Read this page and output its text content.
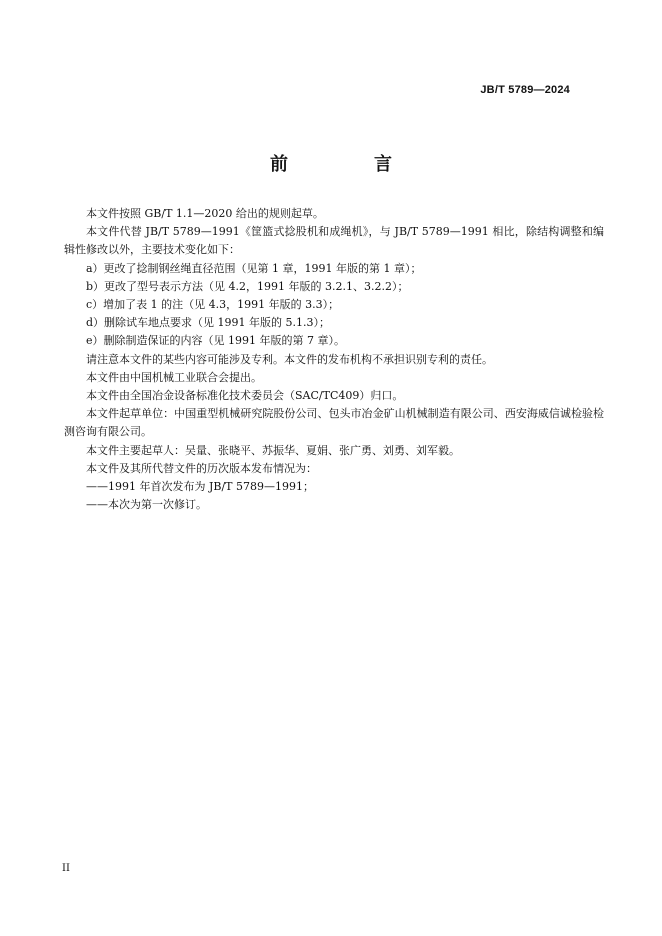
JB/T 5789—2024
前　言

本文件按照 GB/T 1.1—2020 给出的规则起草。

本文件代替 JB/T 5789—1991《筐篮式捻股机和成绳机》，与 JB/T 5789—1991 相比，除结构调整和编辑性修改以外，主要技术变化如下：

a）更改了捻制钢丝绳直径范围（见第 1 章，1991 年版的第 1 章）；

b）更改了型号表示方法（见 4.2，1991 年版的 3.2.1、3.2.2）；

c）增加了表 1 的注（见 4.3，1991 年版的 3.3）；

d）删除试车地点要求（见 1991 年版的 5.1.3）；

e）删除制造保证的内容（见 1991 年版的第 7 章）。

请注意本文件的某些内容可能涉及专利。本文件的发布机构不承担识别专利的责任。

本文件由中国机械工业联合会提出。

本文件由全国冶金设备标准化技术委员会（SAC/TC409）归口。

本文件起草单位：中国重型机械研究院股份公司、包头市冶金矿山机械制造有限公司、西安海威信诚检验检测咨询有限公司。

本文件主要起草人：吴量、张晓平、苏振华、夏娟、张广勇、刘勇、刘军毅。

本文件及其所代替文件的历次版本发布情况为：

——1991 年首次发布为 JB/T 5789—1991；

——本次为第一次修订。

II
